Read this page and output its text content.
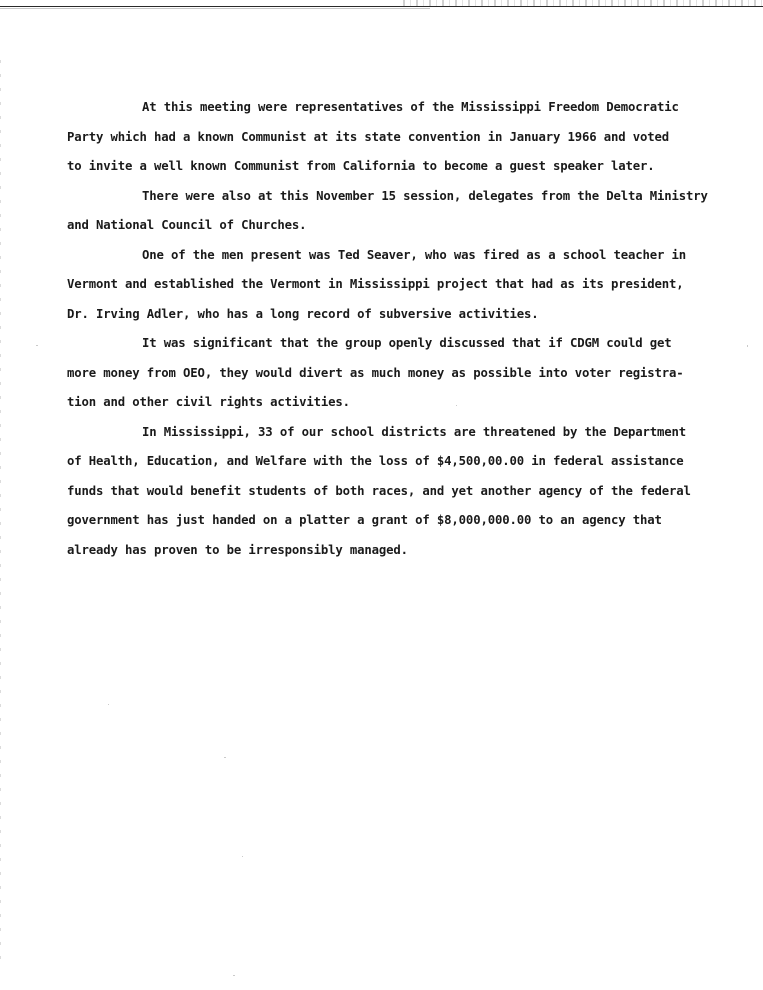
At this meeting were representatives of the Mississippi Freedom Democratic
Party which had a known Communist at its state convention in January 1966 and voted
to invite a well known Communist from California to become a guest speaker later.
There were also at this November 15 session, delegates from the Delta Ministry
and National Council of Churches.
One of the men present was Ted Seaver, who was fired as a school teacher in
Vermont and established the Vermont in Mississippi project that had as its president,
Dr. Irving Adler, who has a long record of subversive activities.
It was significant that the group openly discussed that if CDGM could get
more money from OEO, they would divert as much money as possible into voter registra-
tion and other civil rights activities.
In Mississippi, 33 of our school districts are threatened by the Department
of Health, Education, and Welfare with the loss of $4,500,00.00 in federal assistance
funds that would benefit students of both races, and yet another agency of the federal
government has just handed on a platter a grant of $8,000,000.00 to an agency that
already has proven to be irresponsibly managed.
